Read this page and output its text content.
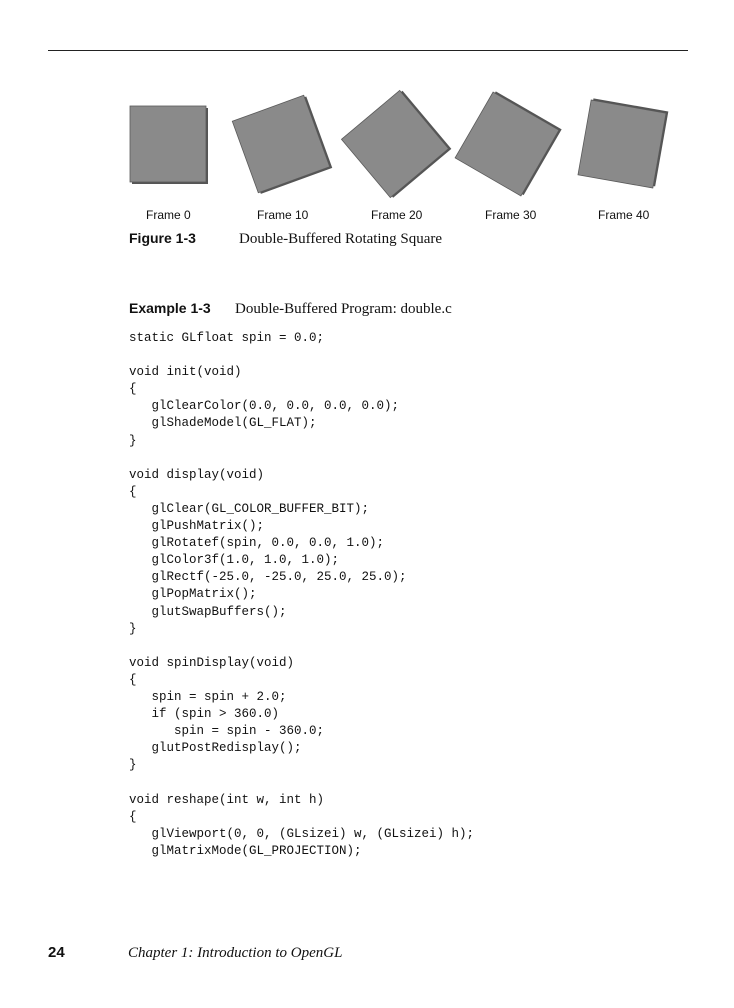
Frame 0	Frame 10	Frame 20	Frame 30	Frame 40
Figure 1-3	Double-Buffered Rotating Square
Example 1-3 Double-Buffered Program: double.c
static GLfloat spin = 0.0;
void init(void)
{
glClearColor(0.0, 0.0, 0.0, 0.0);
glShadeModel(GL_FLAT);
}
void display(void)
{
glClear(GL_COLOR_BUFFER_BIT);
glPushMatrix();
glRotatef(spin, 0.0, 0.0, 1.0);
glColor3f(1.0, 1.0, 1.0);
glRectf(-25.0, -25.0, 25.0, 25.0);
glPopMatrix();
glutSwapBuffers();
}
void spinDisplay(void)
{
spin = spin + 2.0;
if (spin > 360.0)
spin = spin - 360.0;
glutPostRedisplay();
}
void reshape(int w, int h)
{
glViewport(0, 0, (GLsizei) w, (GLsizei) h);
glMatrixMode(GL_PROJECTION);
24	Chapter 1: Introduction to OpenGL
